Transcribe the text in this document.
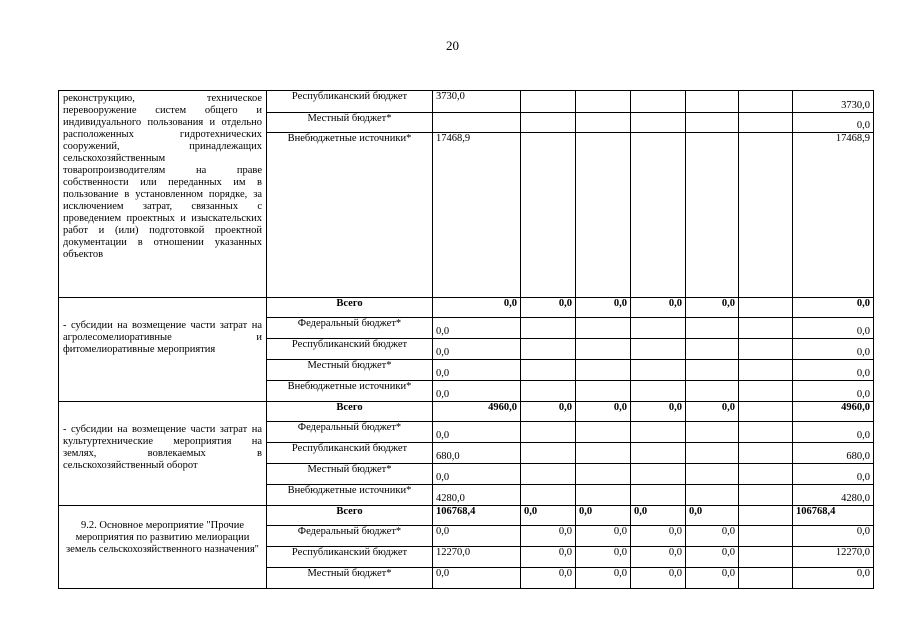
20
реконструкцию, техническое перевооружение систем общего и индивидуального пользования и отдельно расположенных гидротехнических сооружений, принадлежащих сельскохозяйственным товаропроизводителям на праве собственности или переданных им в пользование в установленном порядке, за исключением затрат, связанных с проведением проектных и изыскательских работ и (или) подготовкой проектной документации в отношении указанных объектов	Республиканский бюджет	3730,0						3730,0
	Местный бюджет*							0,0
	Внебюджетные источники*	17468,9						17468,9
- субсидии на возмещение части затрат на агролесомелиоративные и фитомелиоративные мероприятия	Всего	0,0	0,0	0,0	0,0	0,0		0,0
	Федеральный бюджет*	0,0						0,0
	Республиканский бюджет	0,0						0,0
	Местный бюджет*	0,0						0,0
	Внебюджетные источники*	0,0						0,0
- субсидии на возмещение части затрат на культуртехнические мероприятия на землях, вовлекаемых в сельскохозяйственный оборот	Всего	4960,0	0,0	0,0	0,0	0,0		4960,0
	Федеральный бюджет*	0,0						0,0
	Республиканский бюджет	680,0						680,0
	Местный бюджет*	0,0						0,0
	Внебюджетные источники*	4280,0						4280,0
9.2. Основное мероприятие "Прочие мероприятия по развитию мелиорации земель сельскохозяйственного назначения"	Всего	106768,4	0,0	0,0	0,0	0,0		106768,4
	Федеральный бюджет*	0,0	0,0	0,0	0,0	0,0		0,0
	Республиканский бюджет	12270,0	0,0	0,0	0,0	0,0		12270,0
	Местный бюджет*	0,0	0,0	0,0	0,0	0,0		0,0
